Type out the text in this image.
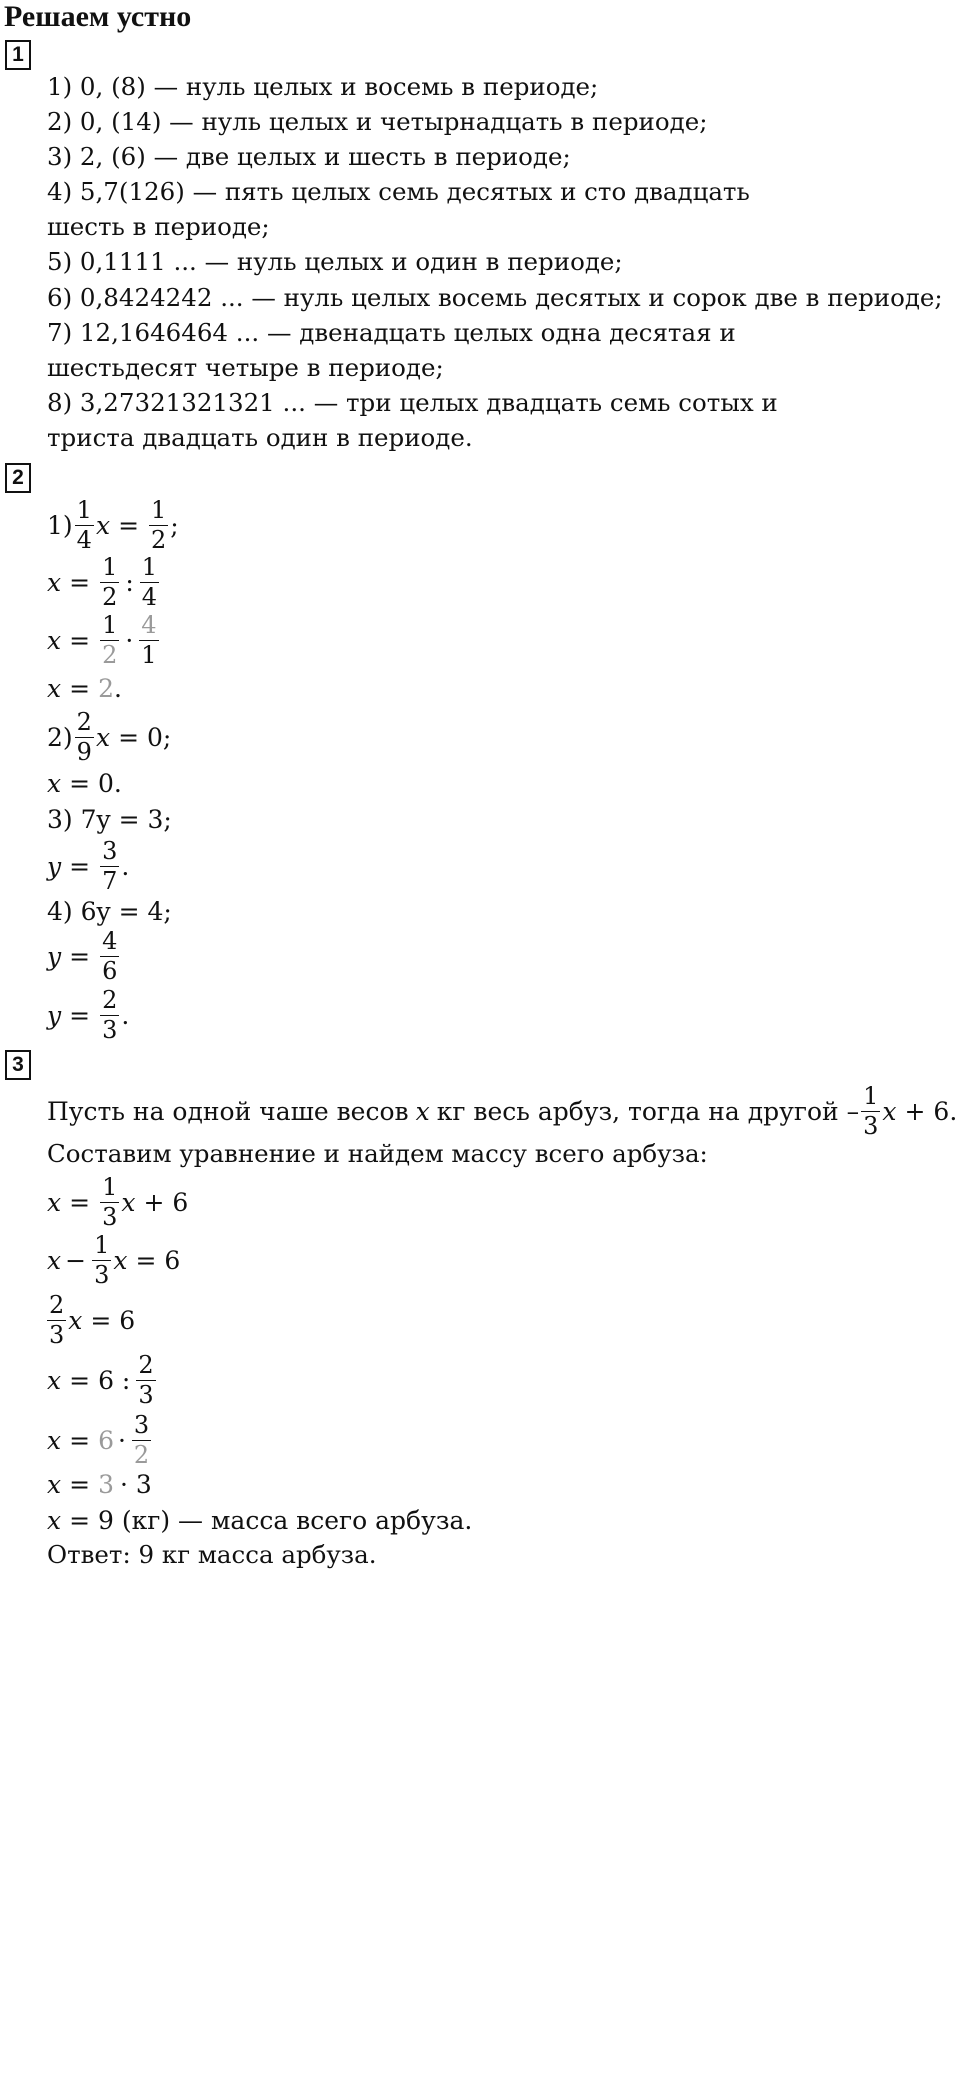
Решаем устно
1
1) 0, (8) — нуль целых и восемь в периоде;
2) 0, (14) — нуль целых и четырнадцать в периоде;
3) 2, (6) — две целых и шесть в периоде;
4) 5,7(126) — пять целых семь десятых и сто двадцать
шесть в периоде;
5) 0,1111 ... — нуль целых и один в периоде;
6) 0,8424242 ... — нуль целых восемь десятых и сорок две в периоде;
7) 12,1646464 ... — двенадцать целых одна десятая и
шестьдесят четыре в периоде;
8) 3,27321321321 ... — три целых двадцать семь сотых и
триста двадцать один в периоде.
2
$1) \frac{1}{4}$ $x = \frac{1}{2}$ ;
$x = \frac{1}{2}$ : $\frac{1}{4}$
$x = \frac{1}{2} \cdot \frac{4}{1}$
x = 2 .
$2) \frac{2}{9}$ x = 0;
x = 0.
3) 7y = 3;
$y = \frac{3}{7}$ .
4) 6y = 4;
$y = \frac{4}{6}$
$y = \frac{2}{3}$ .
3
Пусть на одной чаше весов x кг весь арбуз, тогда на другой – $\frac{1}{3}$ x + 6.
Составим уравнение и найдем массу всего арбуза:
$x = \frac{1}{3}$ x + 6
$x - \frac{1}{3}$ x = 6
$\frac{2}{3}$ x = 6
x = 6 : $\frac{2}{3}$
$x = 6 \cdot \frac{3}{2}$
x = 3 · 3
x = 9 (кг) — масса всего арбуза.
Ответ: 9 кг масса арбуза.
